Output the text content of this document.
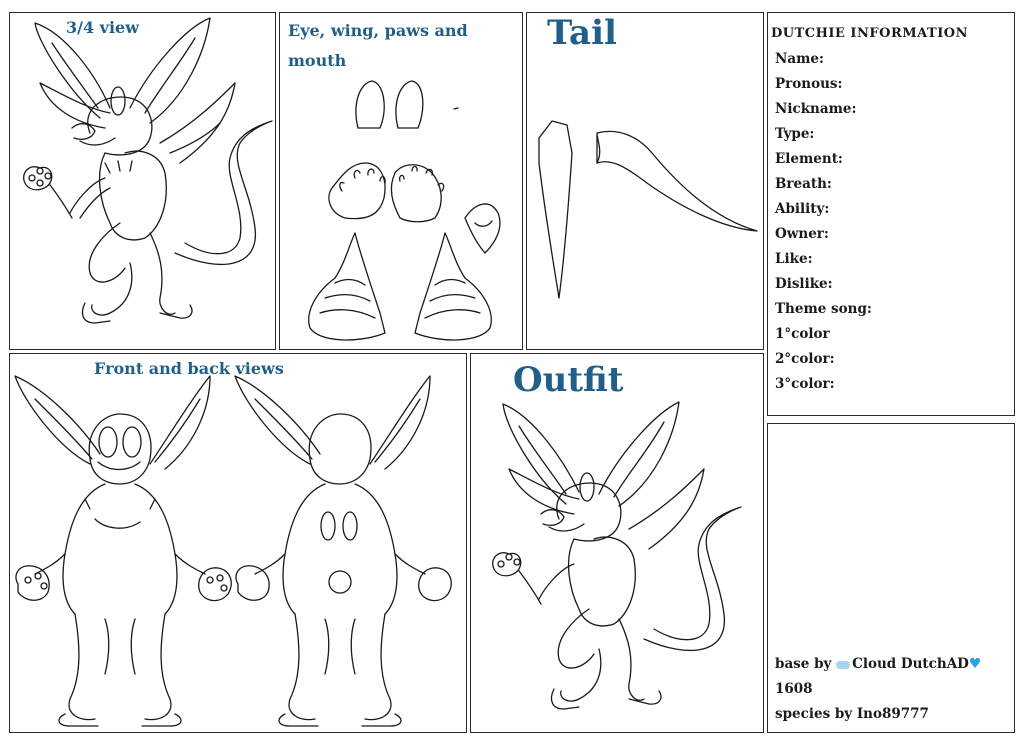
3/4 view	Eye, wing, paws and
mouth
Tail	DUTCHIE INFORMATION
Name:
Pronous:
Nickname:
Type:
Element:
Breath:
Ability:
Owner:
Like:
Dislike:
Theme song:
1°color
2°color:
3°color:
Front and back views	Outfit
base by Cloud DutchAD♥
1608
species by Ino89777
